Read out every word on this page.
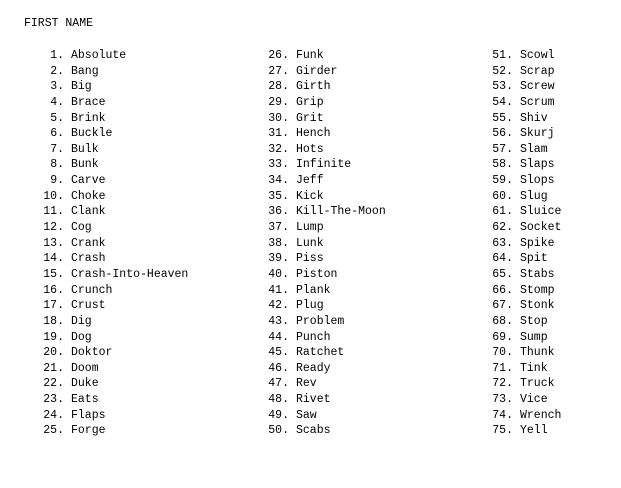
FIRST NAME
1. Absolute
2. Bang
3. Big
4. Brace
5. Brink
6. Buckle
7. Bulk
8. Bunk
9. Carve
10. Choke
11. Clank
12. Cog
13. Crank
14. Crash
15. Crash-Into-Heaven
16. Crunch
17. Crust
18. Dig
19. Dog
20. Doktor
21. Doom
22. Duke
23. Eats
24. Flaps
25. Forge
26. Funk
27. Girder
28. Girth
29. Grip
30. Grit
31. Hench
32. Hots
33. Infinite
34. Jeff
35. Kick
36. Kill-The-Moon
37. Lump
38. Lunk
39. Piss
40. Piston
41. Plank
42. Plug
43. Problem
44. Punch
45. Ratchet
46. Ready
47. Rev
48. Rivet
49. Saw
50. Scabs
51. Scowl
52. Scrap
53. Screw
54. Scrum
55. Shiv
56. Skurj
57. Slam
58. Slaps
59. Slops
60. Slug
61. Sluice
62. Socket
63. Spike
64. Spit
65. Stabs
66. Stomp
67. Stonk
68. Stop
69. Sump
70. Thunk
71. Tink
72. Truck
73. Vice
74. Wrench
75. Yell
